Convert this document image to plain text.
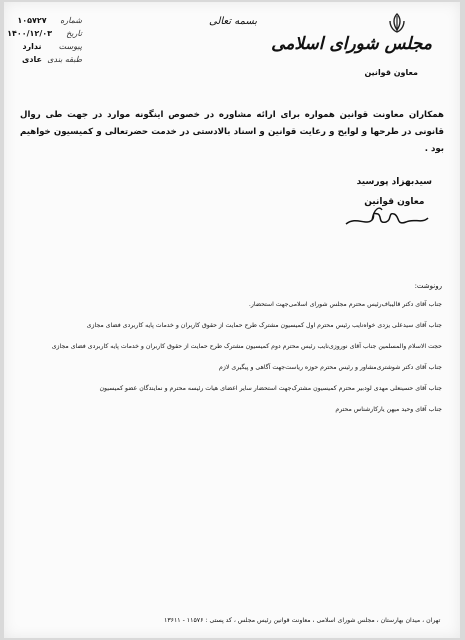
مجلس شورای اسلامی
معاون قوانین
بسمه تعالی
شماره
۱۰۵۷۲۷
تاریخ
۱۴۰۰/۱۲/۰۳
پیوست
ندارد
طبقه بندی
عادی
همکاران معاونت قوانین همواره برای ارائه مشاوره در خصوص اینگونه موارد در جهت طی روال قانونی در طرحها و لوایح و رعایت قوانین و اسناد بالادستی در خدمت حضرتعالی و کمیسیون خواهیم بود .
سیدبهزاد پورسید
معاون قوانین
رونوشت:
جناب آقای دکتر قالیباف‌رئیس محترم مجلس شورای اسلامی‌جهت استحضار.
جناب آقای سیدعلی یزدی خواه‌نایب رئیس محترم اول کمیسیون مشترک طرح حمایت از حقوق کاربران و خدمات پایه کاربردی فضای مجازی
حجت الاسلام والمسلمین جناب آقای نوروزی‌نایب رئیس محترم دوم کمیسیون مشترک طرح حمایت از حقوق کاربران و خدمات پایه کاربردی فضای مجازی
جناب آقای دکتر شوشتری‌مشاور و رئیس محترم حوزه ریاست‌جهت آگاهی و پیگیری لازم
جناب آقای حسینعلی مهدی لو‌دبیر محترم کمیسیون مشترک‌جهت استحضار سایر اعضای هیات رئیسه محترم و نمایندگان عضو کمیسیون
جناب آقای وحید میهن یار‌کارشناس محترم
تهران ، میدان بهارستان ، مجلس شورای اسلامی ، معاونت قوانین رئیس مجلس ، کد پستی : ۱۱۵۷۶ - ۱۳۶۱۱
